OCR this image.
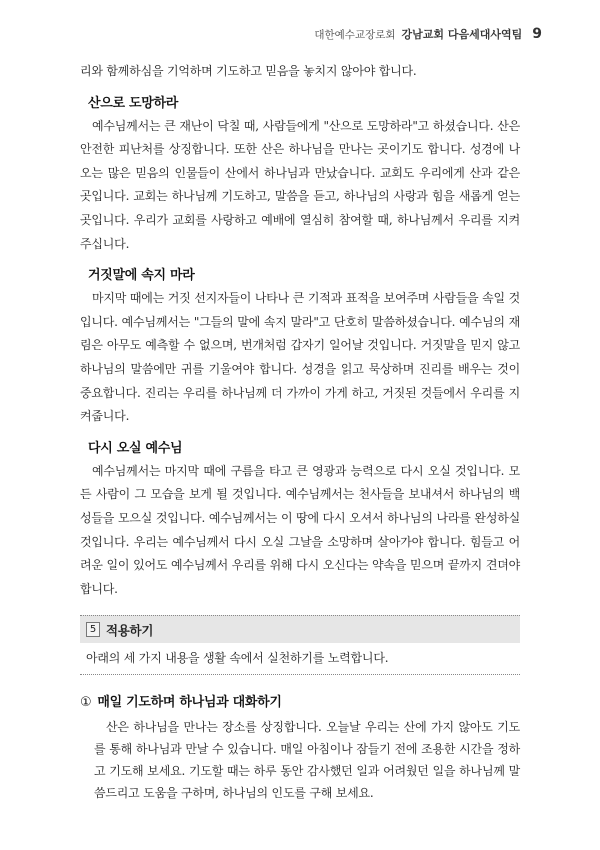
대한예수교장로회 강남교회 다음세대사역팀 9

리와 함께하심을 기억하며 기도하고 믿음을 놓치지 않아야 합니다.

산으로 도망하라

예수님께서는 큰 재난이 닥칠 때, 사람들에게 "산으로 도망하라"고 하셨습니다. 산은 안전한 피난처를 상징합니다. 또한 산은 하나님을 만나는 곳이기도 합니다. 성경에 나오는 많은 믿음의 인물들이 산에서 하나님과 만났습니다. 교회도 우리에게 산과 같은 곳입니다. 교회는 하나님께 기도하고, 말씀을 듣고, 하나님의 사랑과 힘을 새롭게 얻는 곳입니다. 우리가 교회를 사랑하고 예배에 열심히 참여할 때, 하나님께서 우리를 지켜 주십니다.

거짓말에 속지 마라

마지막 때에는 거짓 선지자들이 나타나 큰 기적과 표적을 보여주며 사람들을 속일 것입니다. 예수님께서는 "그들의 말에 속지 말라"고 단호히 말씀하셨습니다. 예수님의 재림은 아무도 예측할 수 없으며, 번개처럼 갑자기 일어날 것입니다. 거짓말을 믿지 않고 하나님의 말씀에만 귀를 기울여야 합니다. 성경을 읽고 묵상하며 진리를 배우는 것이 중요합니다. 진리는 우리를 하나님께 더 가까이 가게 하고, 거짓된 것들에서 우리를 지켜줍니다.

다시 오실 예수님

예수님께서는 마지막 때에 구름을 타고 큰 영광과 능력으로 다시 오실 것입니다. 모든 사람이 그 모습을 보게 될 것입니다. 예수님께서는 천사들을 보내셔서 하나님의 백성들을 모으실 것입니다. 예수님께서는 이 땅에 다시 오셔서 하나님의 나라를 완성하실 것입니다. 우리는 예수님께서 다시 오실 그날을 소망하며 살아가야 합니다. 힘들고 어려운 일이 있어도 예수님께서 우리를 위해 다시 오신다는 약속을 믿으며 끝까지 견뎌야 합니다.

5 적용하기
아래의 세 가지 내용을 생활 속에서 실천하기를 노력합니다.
① 매일 기도하며 하나님과 대화하기

산은 하나님을 만나는 장소를 상징합니다. 오늘날 우리는 산에 가지 않아도 기도를 통해 하나님과 만날 수 있습니다. 매일 아침이나 잠들기 전에 조용한 시간을 정하고 기도해 보세요. 기도할 때는 하루 동안 감사했던 일과 어려웠던 일을 하나님께 말씀드리고 도움을 구하며, 하나님의 인도를 구해 보세요.
